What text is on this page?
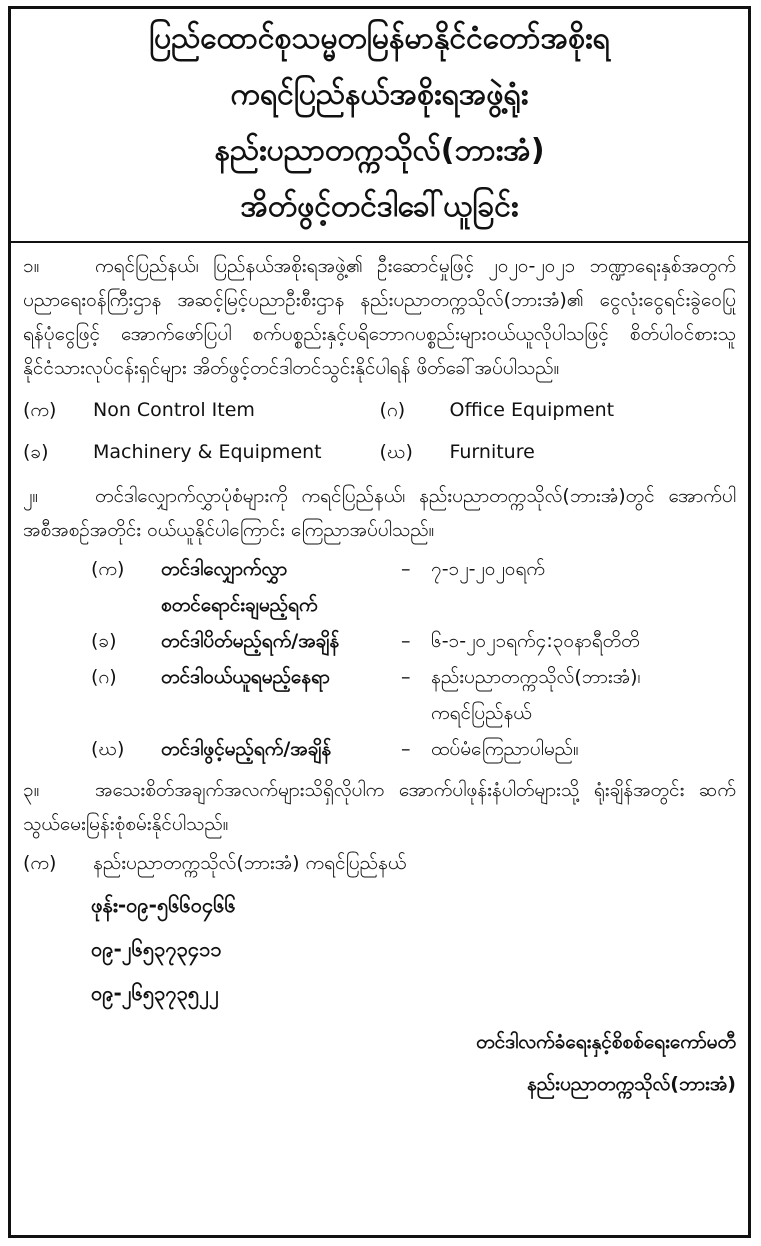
ပြည်ထောင်စုသမ္မတမြန်မာနိုင်ငံတော်အစိုးရ
ကရင်ပြည်နယ်အစိုးရအဖွဲ့ရုံး
နည်းပညာတက္ကသိုလ်(ဘားအံ)
အိတ်ဖွင့်တင်ဒါခေါ်ယူခြင်း
၁။	ကရင်ပြည်နယ်၊ ပြည်နယ်အစိုးရအဖွဲ့၏ ဦးဆောင်မှုဖြင့် ၂၀၂၀-၂၀၂၁ ဘဏ္ဍာရေးနှစ်အတွက် ပညာရေးဝန်ကြီးဌာန အဆင့်မြင့်ပညာဦးစီးဌာန နည်းပညာတက္ကသိုလ်(ဘားအံ)၏ ငွေလုံးငွေရင်းခွဲဝေပြုရန်ပုံငွေဖြင့် အောက်ဖော်ပြပါ စက်ပစ္စည်းနှင့်ပရိဘောဂပစ္စည်းများဝယ်ယူလိုပါသဖြင့် စိတ်ပါဝင်စားသူ နိုင်ငံသားလုပ်ငန်းရှင်များ အိတ်ဖွင့်တင်ဒါတင်သွင်းနိုင်ပါရန် ဖိတ်ခေါ်အပ်ပါသည်။
(က)	Non Control Item	(ဂ)	Office Equipment
(ခ)	Machinery & Equipment	(ဃ)	Furniture
၂။	တင်ဒါလျှောက်လွှာပုံစံများကို ကရင်ပြည်နယ်၊ နည်းပညာတက္ကသိုလ်(ဘားအံ)တွင် အောက်ပါ အစီအစဉ်အတိုင်း ဝယ်ယူနိုင်ပါကြောင်း ကြေညာအပ်ပါသည်။
(က)	တင်ဒါလျှောက်လွှာ	–	၇-၁၂-၂၀၂၀ရက်
စတင်ရောင်းချမည့်ရက်
(ခ)	တင်ဒါပိတ်မည့်ရက်/အချိန်	–	၆-၁-၂၀၂၁ရက်၄:၃၀နာရီတိတိ
(ဂ)	တင်ဒါဝယ်ယူရမည့်နေရာ	–	နည်းပညာတက္ကသိုလ်(ဘားအံ)၊
ကရင်ပြည်နယ်
(ဃ)	တင်ဒါဖွင့်မည့်ရက်/အချိန်	–	ထပ်မံကြေညာပါမည်။
၃။	အသေးစိတ်အချက်အလက်များသိရှိလိုပါက အောက်ပါဖုန်းနံပါတ်များသို့ ရုံးချိန်အတွင်း ဆက်သွယ်မေးမြန်းစုံစမ်းနိုင်ပါသည်။
(က)	နည်းပညာတက္ကသိုလ်(ဘားအံ) ကရင်ပြည်နယ်
ဖုန်း-၀၉-၅၆၆၀၄၆၆
၀၉-၂၆၅၃၇၃၄၁၁
၀၉-၂၆၅၃၇၃၅၂၂
တင်ဒါလက်ခံရေးနှင့်စိစစ်ရေးကော်မတီ
နည်းပညာတက္ကသိုလ်(ဘားအံ)
